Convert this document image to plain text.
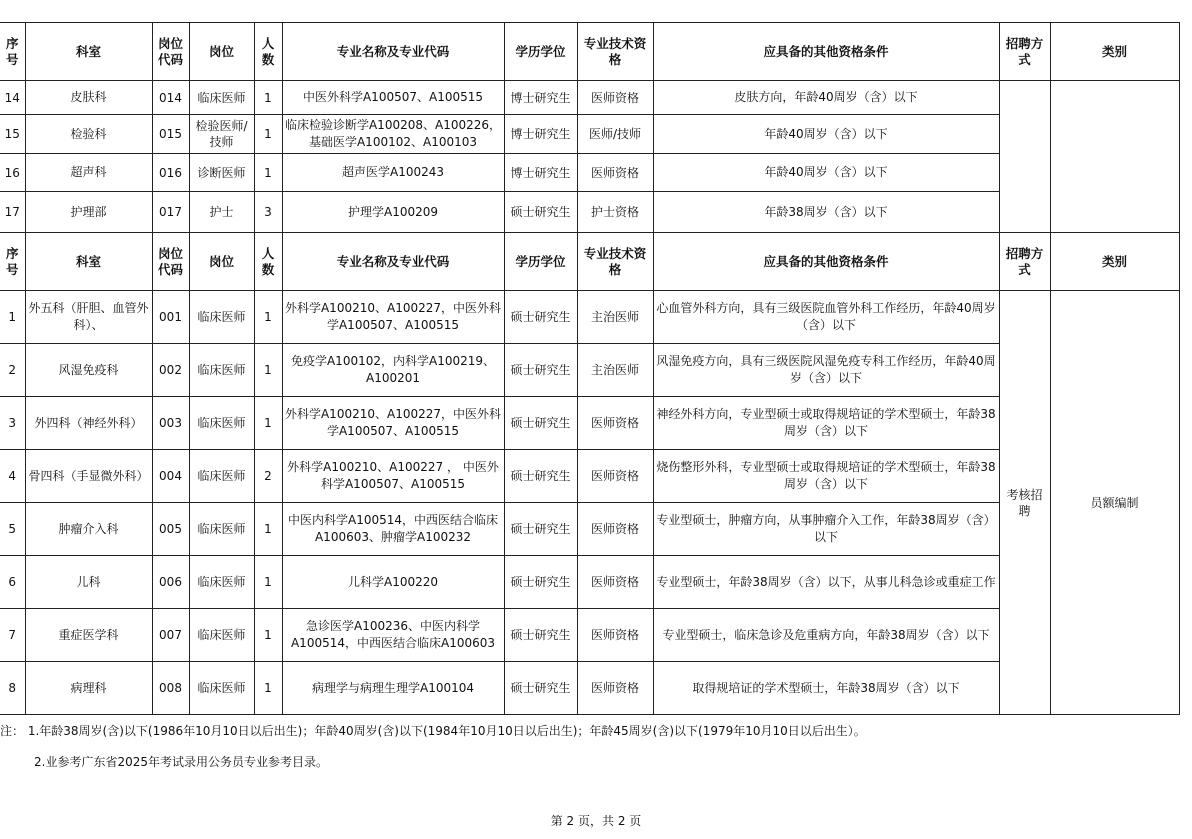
序号	科室	岗位代码	岗位	人数	专业名称及专业代码	学历学位	专业技术资格	应具备的其他资格条件	招聘方式	类别
14	皮肤科	014	临床医师	1	中医外科学A100507、A100515	博士研究生	医师资格	皮肤方向，年龄40周岁（含）以下		
15	检验科	015	检验医师/技师	1	临床检验诊断学A100208、A100226，基础医学A100102、A100103	博士研究生	医师/技师	年龄40周岁（含）以下		
16	超声科	016	诊断医师	1	超声医学A100243	博士研究生	医师资格	年龄40周岁（含）以下		
17	护理部	017	护士	3	护理学A100209	硕士研究生	护士资格	年龄38周岁（含）以下		
序号	科室	岗位代码	岗位	人数	专业名称及专业代码	学历学位	专业技术资格	应具备的其他资格条件	招聘方式	类别
1	外五科（肝胆、血管外科）、	001	临床医师	1	外科学A100210、A100227，中医外科学A100507、A100515	硕士研究生	主治医师	心血管外科方向，具有三级医院血管外科工作经历，年龄40周岁（含）以下	考核招聘	员额编制
2	风湿免疫科	002	临床医师	1	免疫学A100102，内科学A100219、A100201	硕士研究生	主治医师	风湿免疫方向，具有三级医院风湿免疫专科工作经历，年龄40周岁（含）以下		
3	外四科（神经外科）	003	临床医师	1	外科学A100210、A100227，中医外科学A100507、A100515	硕士研究生	医师资格	神经外科方向，专业型硕士或取得规培证的学术型硕士，年龄38周岁（含）以下		
4	骨四科（手显微外科）	004	临床医师	2	外科学A100210、A100227 ， 中医外科学A100507、A100515	硕士研究生	医师资格	烧伤整形外科，专业型硕士或取得规培证的学术型硕士，年龄38周岁（含）以下		
5	肿瘤介入科	005	临床医师	1	中医内科学A100514，中西医结合临床A100603、肿瘤学A100232	硕士研究生	医师资格	专业型硕士，肿瘤方向，从事肿瘤介入工作，年龄38周岁（含）以下		
6	儿科	006	临床医师	1	儿科学A100220	硕士研究生	医师资格	专业型硕士，年龄38周岁（含）以下，从事儿科急诊或重症工作		
7	重症医学科	007	临床医师	1	急诊医学A100236、中医内科学A100514，中西医结合临床A100603	硕士研究生	医师资格	专业型硕士，临床急诊及危重病方向，年龄38周岁（含）以下		
8	病理科	008	临床医师	1	病理学与病理生理学A100104	硕士研究生	医师资格	取得规培证的学术型硕士，年龄38周岁（含）以下		
注： 1.年龄38周岁(含)以下(1986年10月10日以后出生)；年龄40周岁(含)以下(1984年10月10日以后出生)；年龄45周岁(含)以下(1979年10月10日以后出生）。
2.业参考广东省2025年考试录用公务员专业参考目录。
第 2 页，共 2 页
